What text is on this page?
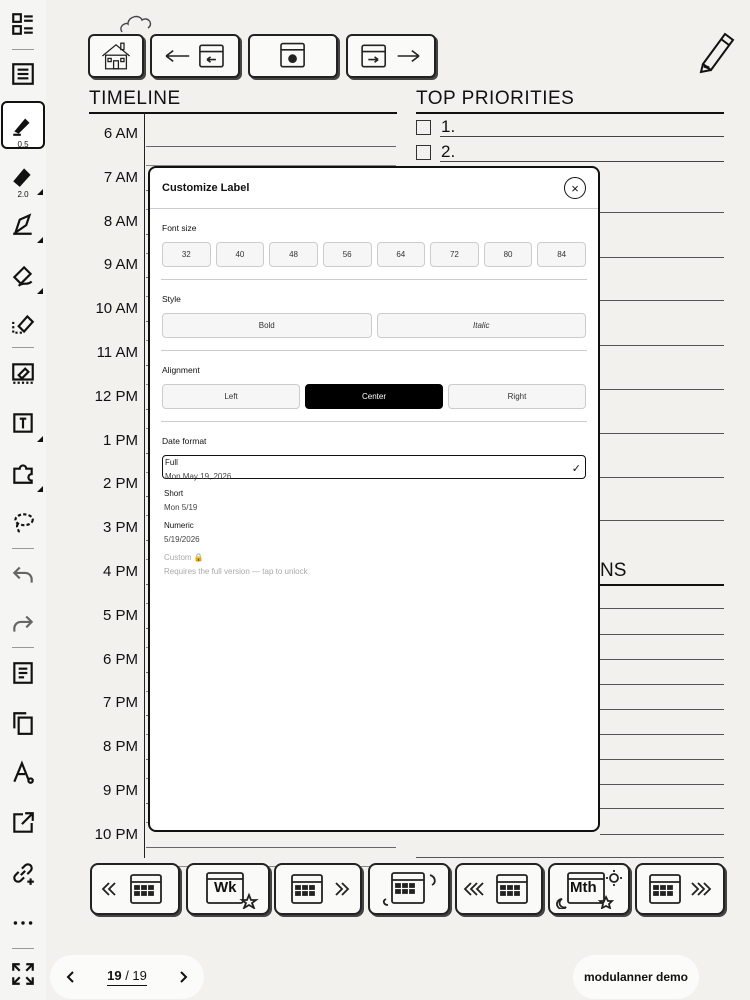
0.5
2.0
TIMELINE
6 AM
7 AM
8 AM
9 AM
10 AM
11 AM
12 PM
1 PM
2 PM
3 PM
4 PM
5 PM
6 PM
7 PM
8 PM
9 PM
10 PM
TOP PRIORITIES
1.
2.
NS
Wk	Mth
19 / 19	modulanner demo
Customize Label	×
Font size
32	40	48	56	64	72	80	84
Style
Bold	Italic
Alignment
Left	Center	Right
Date format
Full
Mon May 19, 2026
✓
Short
Mon 5/19
Numeric
5/19/2026
Custom 🔒
Requires the full version — tap to unlock
